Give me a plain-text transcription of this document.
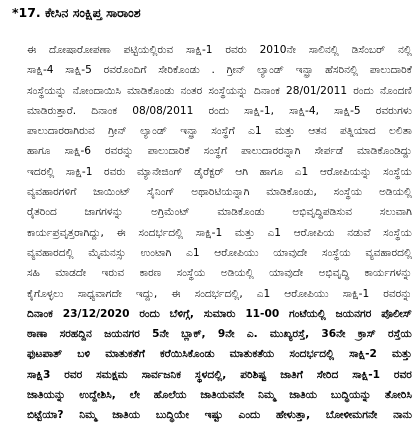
*17. ಕೇಸಿನ ಸಂಕ್ಷಿಪ್ತ ಸಾರಾಂಶ
ಈ ದೋಷಾರೋಪಣಾ ಪಟ್ಟಿಯಲ್ಲಿರುವ ಸಾಕ್ಷಿ-1 ರವರು 2010ನೇ ಸಾಲಿನಲ್ಲಿ ಡಿಸೆಂಬರ್ ನಲ್ಲಿ
ಸಾಕ್ಷಿ-4 ಸಾಕ್ಷಿ-5 ರವರೊಂದಿಗೆ ಸೇರಿಕೊಂಡು . ಗ್ರೀನ್ ಲ್ಯಾಂಡ್ ಇನ್ಫ್ರಾ ಹೆಸರಿನಲ್ಲಿ ಪಾಲುದಾರಿಕೆ
ಸಂಸ್ಥೆಯನ್ನು ನೋಂದಾಯಿಸಿ ಮಾಡಿಕೊಂಡು ನಂತರ ಸಂಸ್ಥೆಯನ್ನು ದಿನಾಂಕ 28/01/2011 ರಂದು ನೊಂದಣಿ
ಮಾಡಿರುತ್ತಾರೆ. ದಿನಾಂಕ 08/08/2011 ರಂದು ಸಾಕ್ಷಿ-1, ಸಾಕ್ಷಿ-4, ಸಾಕ್ಷಿ-5 ರವರುಗಳು
ಪಾಲುದಾರರಾಗಿರುವ ಗ್ರೀನ್ ಲ್ಯಾಂಡ್ ಇನ್ಫ್ರಾ ಸಂಸ್ಥೆಗೆ ಎ1 ಮತ್ತು ಆತನ ಪತ್ನಿಯಾದ ಲಲಿತಾ
ಹಾಗೂ ಸಾಕ್ಷಿ-6 ರವರನ್ನು ಪಾಲುದಾರಿಕೆ ಸಂಸ್ಥೆಗೆ ಪಾಲುದಾರರನ್ನಾಗಿ ಸೇರ್ಪಡೆ ಮಾಡಿಕೊಂಡಿದ್ದು
ಇದರಲ್ಲಿ ಸಾಕ್ಷಿ-1 ರವರು ಮ್ಯಾನೇಜಿಂಗ್ ಡೈರೆಕ್ಟರ್ ಆಗಿ ಹಾಗೂ ಎ1 ಆರೋಪಿಯನ್ನು ಸಂಸ್ಥೆಯ
ವ್ಯವಹಾರಗಳಿಗೆ ಜಾಯಿಂಟ್ ಸೈನಿಂಗ್ ಅಥಾರಿಟಿಯನ್ನಾಗಿ ಮಾಡಿಕೊಂಡು, ಸಂಸ್ಥೆಯ ಅಡಿಯಲ್ಲಿ
ರೈತರಿಂದ	ಜಾಗಗಳನ್ನು	ಅಗ್ರಿಮೆಂಟ್	ಮಾಡಿಕೊಂಡು	ಅಭಿವೃದ್ಧಿಪಡಿಸುವ	ಸಲುವಾಗಿ
ಕಾರ್ಯಪ್ರವೃತ್ತರಾಗಿದ್ದು, ಈ ಸಂದರ್ಭದಲ್ಲಿ ಸಾಕ್ಷಿ-1 ಮತ್ತು ಎ1 ಆರೋಪಿಯ ನಡುವೆ ಸಂಸ್ಥೆಯ
ವ್ಯವಹಾರದಲ್ಲಿ ಮೈಮನಸ್ಸು ಉಂಟಾಗಿ ಎ1 ಆರೋಪಿಯು ಯಾವುದೇ ಸಂಸ್ಥೆಯ ವ್ಯವಹಾರದಲ್ಲಿ
ಸಹಿ ಮಾಡದೇ ಇರುವ ಕಾರಣ ಸಂಸ್ಥೆಯ ಅಡಿಯಲ್ಲಿ ಯಾವುದೇ ಅಭಿವೃದ್ಧಿ ಕಾರ್ಯಗಳನ್ನು
ಕೈಗೊಳ್ಳಲು ಸಾಧ್ಯವಾಗದೇ ಇದ್ದು, ಈ ಸಂದರ್ಭದಲ್ಲಿ, ಎ1 ಆರೋಪಿಯು ಸಾಕ್ಷಿ-1 ರವರನ್ನು
ದಿನಾಂಕ 23/12/2020 ರಂದು ಬೆಳಿಗ್ಗೆ, ಸುಮಾರು 11-00 ಗಂಟೆಯಲ್ಲಿ ಜಯನಗರ ಪೊಲೀಸ್
ಠಾಣಾ ಸರಹದ್ದಿನ ಜಯನಗರ 5ನೇ ಬ್ಲಾಕ್, 9ನೇ ಎ. ಮುಖ್ಯರಸ್ತೆ, 36ನೇ ಕ್ರಾಸ್ ರಸ್ತೆಯ
ಫುಟಪಾತ್ ಬಳಿ ಮಾತುಕತೆಗೆ ಕರೆಯಿಸಿಕೊಂಡು ಮಾತುಕತೆಯ ಸಂದರ್ಭದಲ್ಲಿ ಸಾಕ್ಷಿ-2 ಮತ್ತು
ಸಾಕ್ಷಿ3 ರವರ ಸಮಕ್ಷಮ ಸಾರ್ವಜನಿಕ ಸ್ಥಳದಲ್ಲಿ, ಪರಿಶಿಷ್ಟ ಜಾತಿಗೆ ಸೇರಿದ ಸಾಕ್ಷಿ-1 ರವರ
ಜಾತಿಯನ್ನು ಉದ್ದೇಶಿಸಿ, ಲೇ ಹೊಲೆಯ ಜಾತಿಯವನೇ ನಿಮ್ಮ ಜಾತಿಯ ಬುದ್ಧಿಯನ್ನು ತೋರಿಸಿ
ಬಿಟ್ಟೆಯಾ? ನಿಮ್ಮ ಜಾತಿಯ ಬುದ್ಧಿಯೇ ಇಷ್ಟು ಎಂದು ಹೇಳುತ್ತಾ, ಬೋಳೀಮಗನೇ ನಾನು
